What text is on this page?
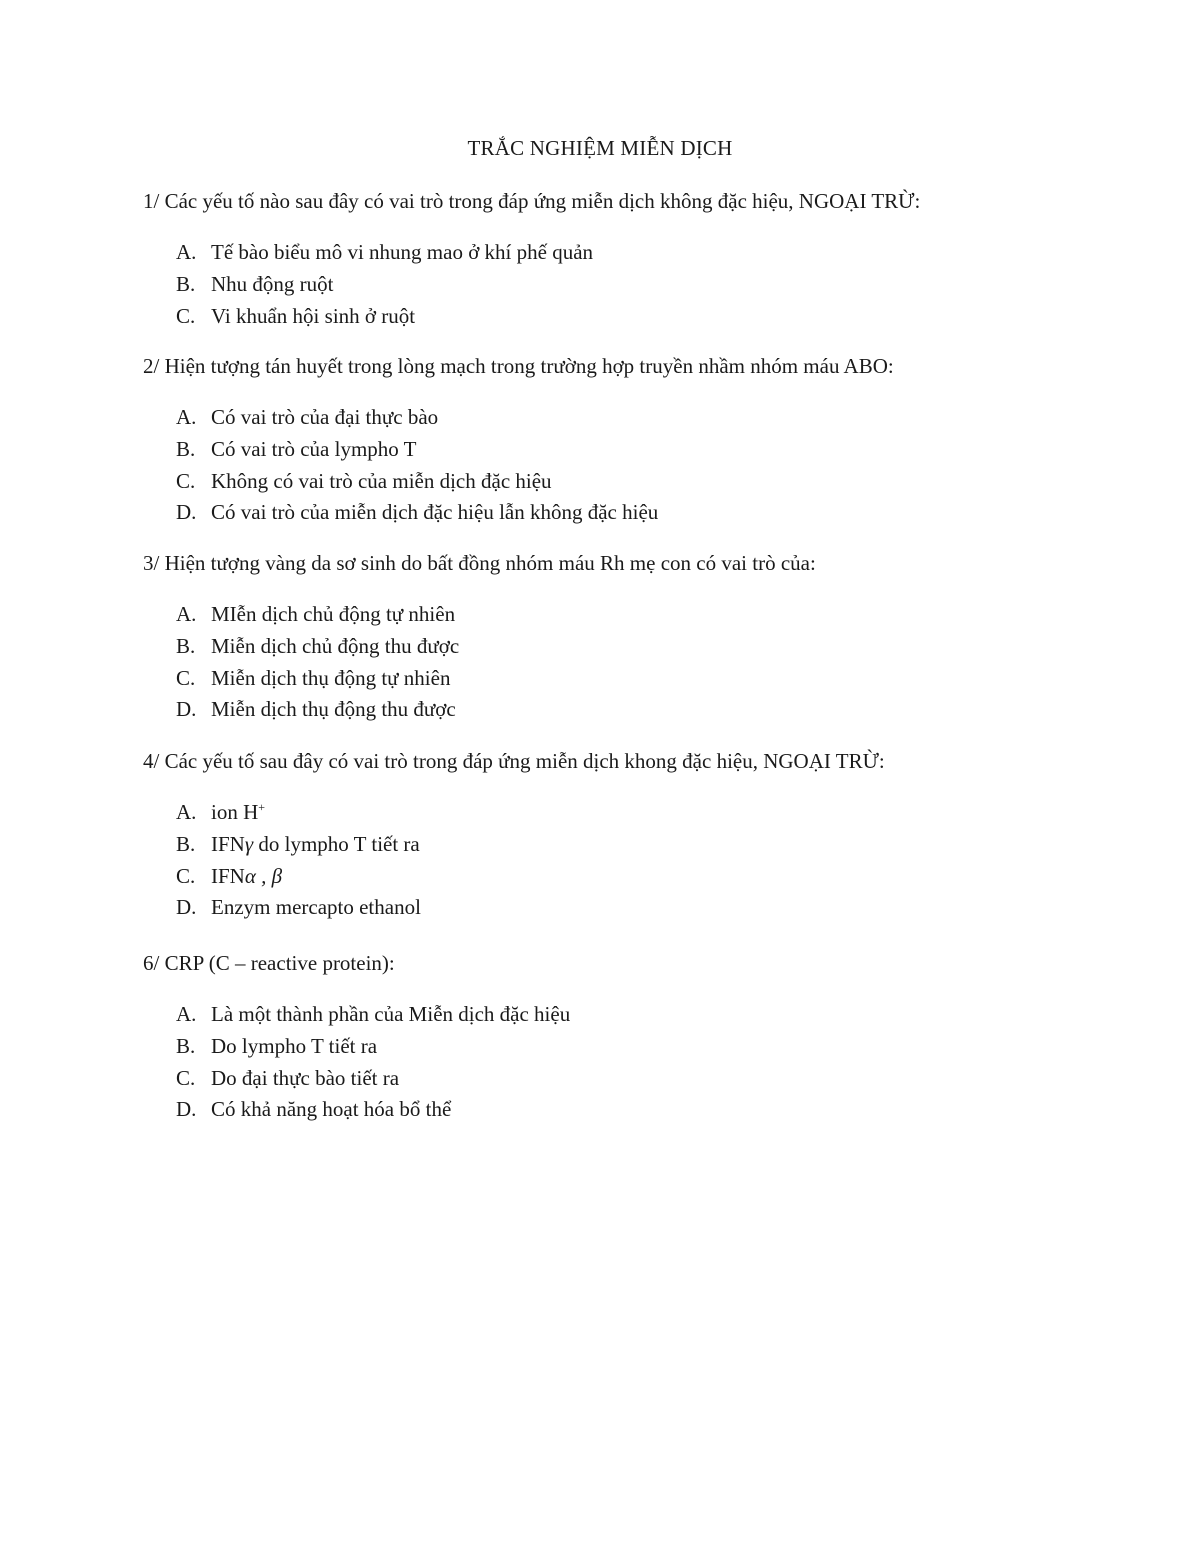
TRẮC NGHIỆM MIỄN DỊCH
1/ Các yếu tố nào sau đây có vai trò trong đáp ứng miễn dịch không đặc hiệu, NGOẠI TRỪ:
A. Tế bào biểu mô vi nhung mao ở khí phế quản
B. Nhu động ruột
C. Vi khuẩn hội sinh ở ruột
2/ Hiện tượng tán huyết trong lòng mạch trong trường hợp truyền nhầm nhóm máu ABO:
A. Có vai trò của đại thực bào
B. Có vai trò của lympho T
C. Không có vai trò của miễn dịch đặc hiệu
D. Có vai trò của miễn dịch đặc hiệu lẫn không đặc hiệu
3/ Hiện tượng vàng da sơ sinh do bất đồng nhóm máu Rh mẹ con có vai trò của:
A. MIễn dịch chủ động tự nhiên
B. Miễn dịch chủ động thu được
C. Miễn dịch thụ động tự nhiên
D. Miễn dịch thụ động thu được
4/ Các yếu tố sau đây có vai trò trong đáp ứng miễn dịch khong đặc hiệu, NGOẠI TRỪ:
A. ion H+
B. IFNγ do lympho T tiết ra
C. IFNα , β
D. Enzym mercapto ethanol
6/ CRP (C – reactive protein):
A. Là một thành phần của Miễn dịch đặc hiệu
B. Do lympho T tiết ra
C. Do đại thực bào tiết ra
D. Có khả năng hoạt hóa bổ thể
